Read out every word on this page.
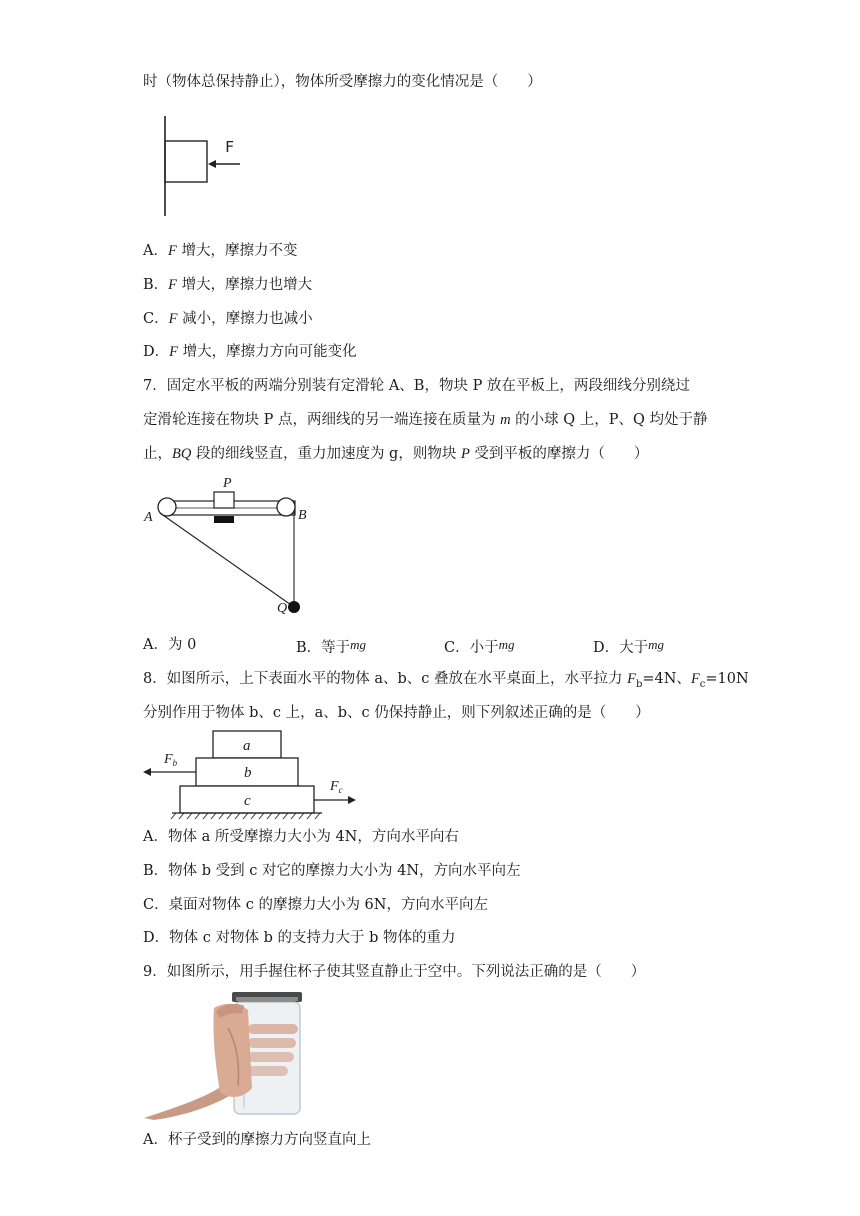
时（物体总保持静止），物体所受摩擦力的变化情况是（　　）
F
A．F 增大，摩擦力不变
B．F 增大，摩擦力也增大
C．F 减小，摩擦力也减小
D．F 增大，摩擦力方向可能变化
7．固定水平板的两端分别装有定滑轮 A、B，物块 P 放在平板上，两段细线分别绕过
定滑轮连接在物块 P 点，两细线的另一端连接在质量为 m 的小球 Q 上，P、Q 均处于静
止，BQ 段的细线竖直，重力加速度为 g，则物块 P 受到平板的摩擦力（　　）
P
A	B
Q
A．为 0	B．等于mg	C．小于mg	D．大于mg
8．如图所示，上下表面水平的物体 a、b、c 叠放在水平桌面上，水平拉力 $F_b=4N$、$F_c=10N$
分别作用于物体 b、c 上，a、b、c 仍保持静止，则下列叙述正确的是（　　）
a
b
c
$F_b$
$F_c$
A．物体 a 所受摩擦力大小为 4N，方向水平向右
B．物体 b 受到 c 对它的摩擦力大小为 4N，方向水平向左
C．桌面对物体 c 的摩擦力大小为 6N，方向水平向左
D．物体 c 对物体 b 的支持力大于 b 物体的重力
9．如图所示，用手握住杯子使其竖直静止于空中。下列说法正确的是（　　）
A．杯子受到的摩擦力方向竖直向上
